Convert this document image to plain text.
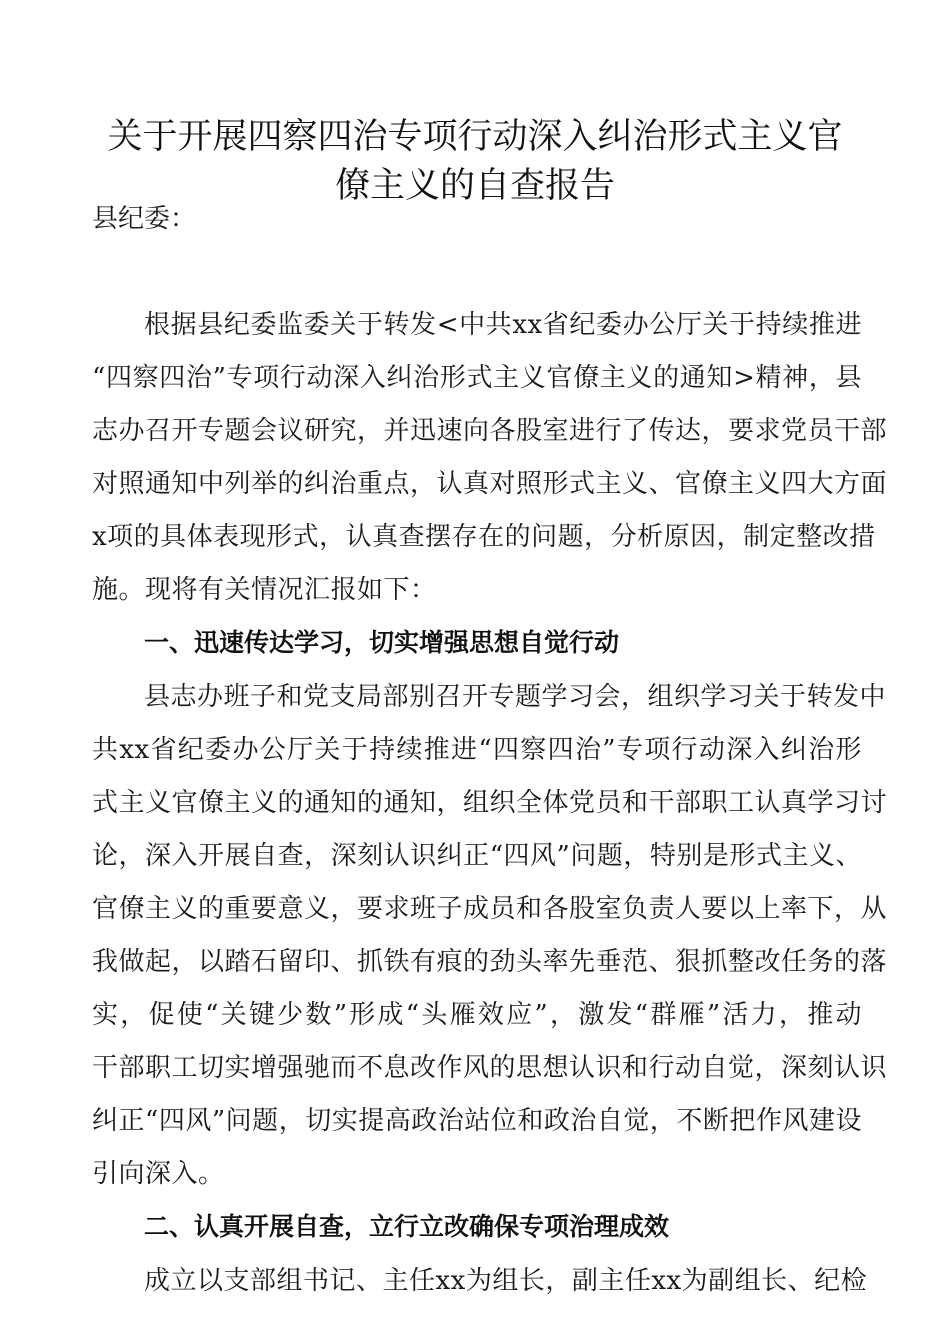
关于开展四察四治专项行动深入纠治形式主义官
僚主义的自查报告

县纪委：

根据县纪委监委关于转发<中共xx省纪委办公厅关于持续推进

“四察四治”专项行动深入纠治形式主义官僚主义的通知>精神，县

志办召开专题会议研究，并迅速向各股室进行了传达，要求党员干部

对照通知中列举的纠治重点，认真对照形式主义、官僚主义四大方面

x项的具体表现形式，认真查摆存在的问题，分析原因，制定整改措

施。现将有关情况汇报如下：

一、迅速传达学习，切实增强思想自觉行动

县志办班子和党支局部别召开专题学习会，组织学习关于转发中

共xx省纪委办公厅关于持续推进“四察四治”专项行动深入纠治形

式主义官僚主义的通知的通知，组织全体党员和干部职工认真学习讨

论，深入开展自查，深刻认识纠正“四风”问题，特别是形式主义、

官僚主义的重要意义，要求班子成员和各股室负责人要以上率下，从

我做起，以踏石留印、抓铁有痕的劲头率先垂范、狠抓整改任务的落

实，促使“关键少数”形成“头雁效应”，激发“群雁”活力，推动

干部职工切实增强驰而不息改作风的思想认识和行动自觉，深刻认识

纠正“四风”问题，切实提高政治站位和政治自觉，不断把作风建设

引向深入。

二、认真开展自查，立行立改确保专项治理成效

成立以支部组书记、主任xx为组长，副主任xx为副组长、纪检
